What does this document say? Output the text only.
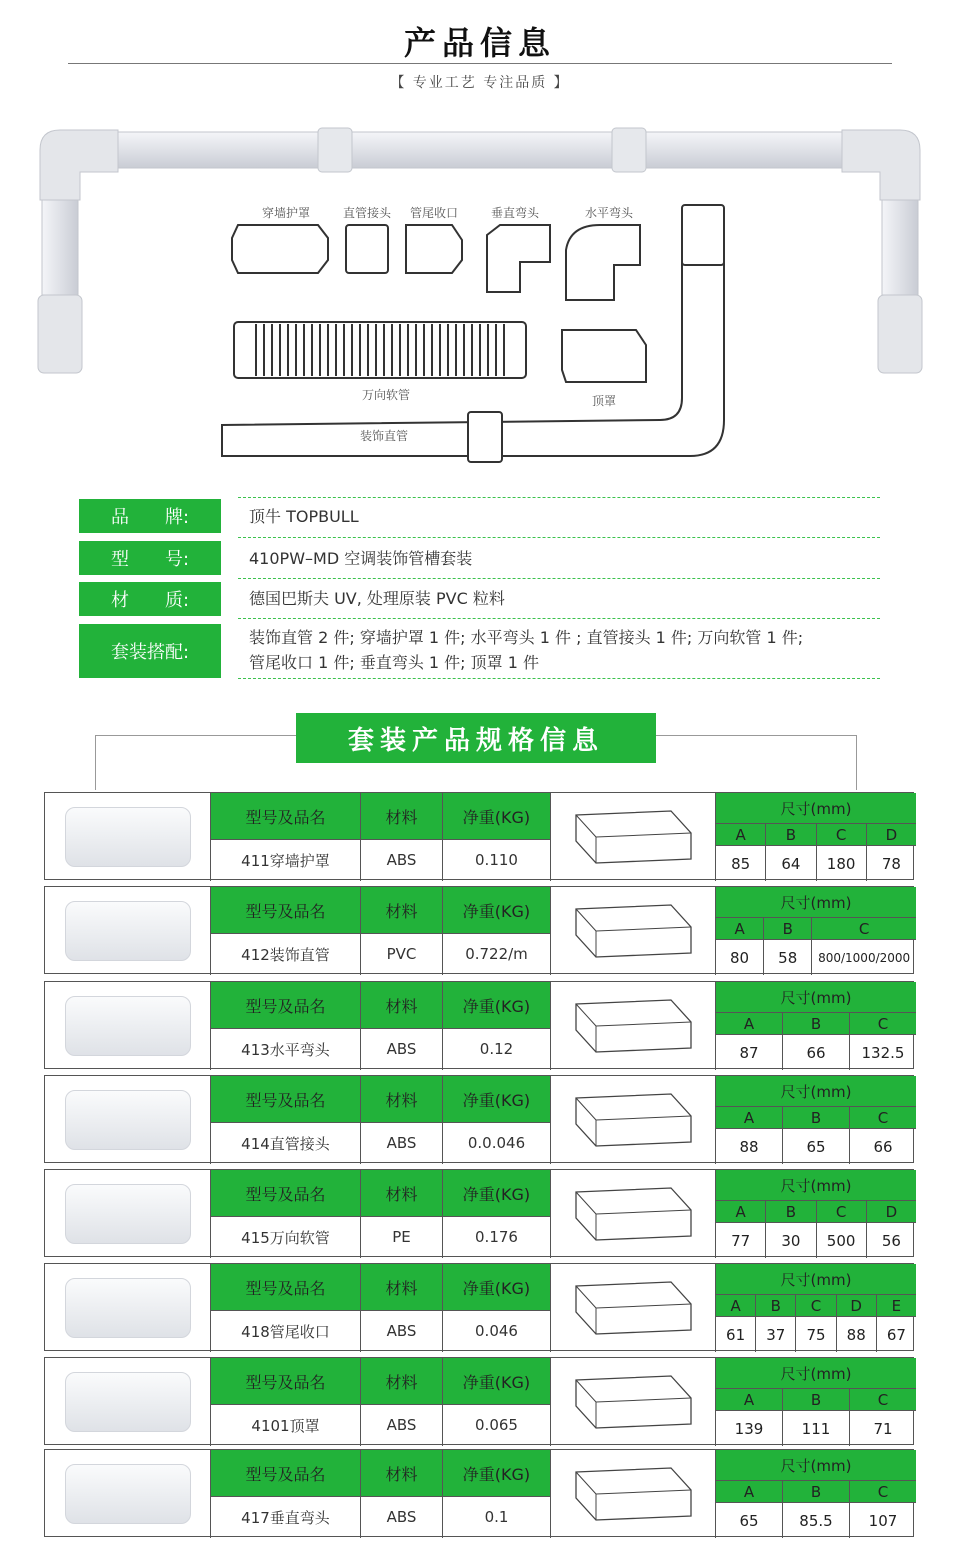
产品信息
【 专业工艺 专注品质 】
穿墙护罩	直管接头 管尾收口	垂直弯头	水平弯头
万向软管	顶罩
装饰直管
品　　牌:	顶牛 TOPBULL
型　　号:	410PW–MD 空调装饰管槽套装
材　　质:	德国巴斯夫 UV, 处理原装 PVC 粒料
套装搭配:
装饰直管 2 件; 穿墙护罩 1 件; 水平弯头 1 件 ; 直管接头 1 件; 万向软管 1 件;
管尾收口 1 件; 垂直弯头 1 件; 顶罩 1 件
套装产品规格信息
型号及品名	材料	净重(KG)
411穿墙护罩	ABS	0.110
尺寸(mm)
A	B	C	D
85	64	180	78
型号及品名	材料	净重(KG)
412装饰直管	PVC	0.722/m
尺寸(mm)
A	B	C
80	58	800/1000/2000
型号及品名	材料	净重(KG)
413水平弯头	ABS	0.12
尺寸(mm)
A	B	C
87	66	132.5
型号及品名	材料	净重(KG)
414直管接头	ABS	0.0.046
尺寸(mm)
A	B	C
88	65	66
型号及品名	材料	净重(KG)
415万向软管	PE	0.176
尺寸(mm)
A	B	C	D
77	30	500	56
型号及品名	材料	净重(KG)
418管尾收口	ABS	0.046
尺寸(mm)
A	B	C	D	E
61	37	75	88	67
型号及品名	材料	净重(KG)
4101顶罩	ABS	0.065
尺寸(mm)
A	B	C
139	111	71
型号及品名	材料	净重(KG)
417垂直弯头	ABS	0.1
尺寸(mm)
A	B	C
65	85.5	107
